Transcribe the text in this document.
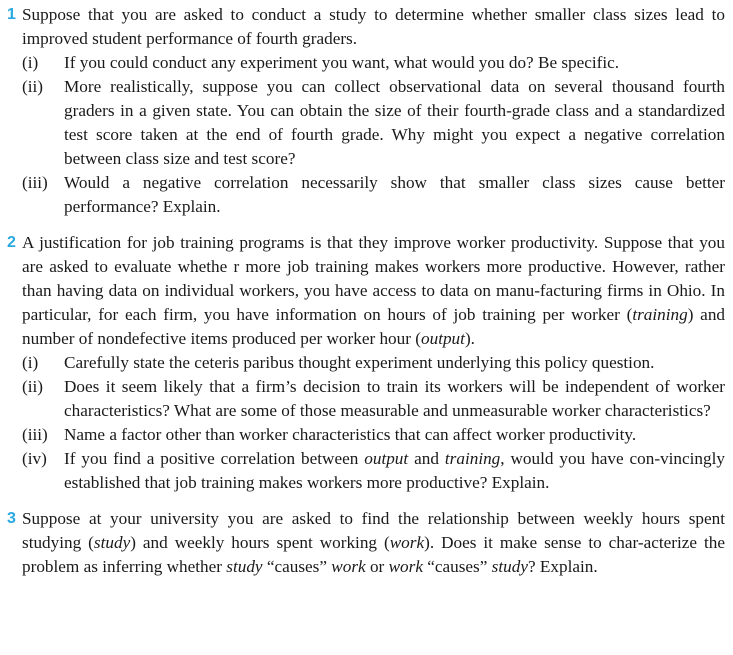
1 Suppose that you are asked to conduct a study to determine whether smaller class sizes lead to improved student performance of fourth graders.
(i) If you could conduct any experiment you want, what would you do? Be specific.
(ii) More realistically, suppose you can collect observational data on several thousand fourth graders in a given state. You can obtain the size of their fourth-grade class and a standardized test score taken at the end of fourth grade. Why might you expect a negative correlation between class size and test score?
(iii) Would a negative correlation necessarily show that smaller class sizes cause better performance? Explain.
2 A justification for job training programs is that they improve worker productivity. Suppose that you are asked to evaluate whethe r more job training makes workers more productive. However, rather than having data on individual workers, you have access to data on manu-facturing firms in Ohio. In particular, for each firm, you have information on hours of job training per worker (training) and number of nondefective items produced per worker hour (output).
(i) Carefully state the ceteris paribus thought experiment underlying this policy question.
(ii) Does it seem likely that a firm’s decision to train its workers will be independent of worker characteristics? What are some of those measurable and unmeasurable worker characteristics?
(iii) Name a factor other than worker characteristics that can affect worker productivity.
(iv) If you find a positive correlation between output and training, would you have con-vincingly established that job training makes workers more productive? Explain.
3 Suppose at your university you are asked to find the relationship between weekly hours spent studying (study) and weekly hours spent working (work). Does it make sense to char-acterize the problem as inferring whether study “causes” work or work “causes” study? Explain.
